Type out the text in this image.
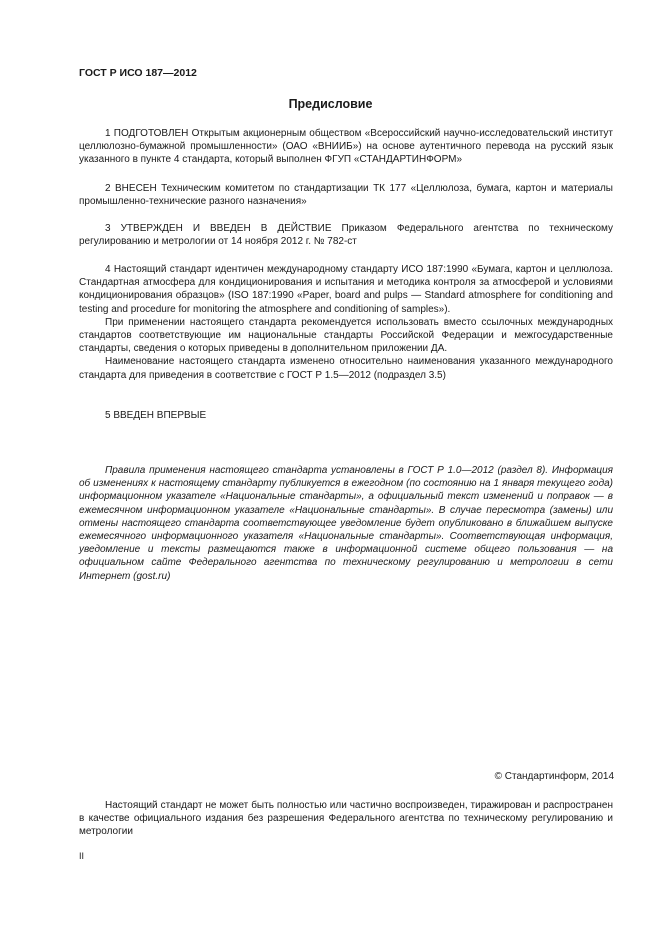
ГОСТ Р ИСО 187—2012
Предисловие

1 ПОДГОТОВЛЕН Открытым акционерным обществом «Всероссийский научно-исследовательский институт целлюлозно-бумажной промышленности» (ОАО «ВНИИБ») на основе аутентичного перевода на русский язык указанного в пункте 4 стандарта, который выполнен ФГУП «СТАНДАРТИНФОРМ»

2 ВНЕСЕН Техническим комитетом по стандартизации ТК 177 «Целлюлоза, бумага, картон и материалы промышленно-технические разного назначения»

3 УТВЕРЖДЕН И ВВЕДЕН В ДЕЙСТВИЕ Приказом Федерального агентства по техническому регулированию и метрологии от 14 ноября 2012 г. № 782-ст

4 Настоящий стандарт идентичен международному стандарту ИСО 187:1990 «Бумага, картон и целлюлоза. Стандартная атмосфера для кондиционирования и испытания и методика контроля за атмосферой и условиями кондиционирования образцов» (ISO 187:1990 «Paper, board and pulps — Standard atmosphere for conditioning and testing and procedure for monitoring the atmosphere and conditioning of samples»).

При применении настоящего стандарта рекомендуется использовать вместо ссылочных международных стандартов соответствующие им национальные стандарты Российской Федерации и межгосударственные стандарты, сведения о которых приведены в дополнительном приложении ДА.

Наименование настоящего стандарта изменено относительно наименования указанного международного стандарта для приведения в соответствие с ГОСТ Р 1.5—2012 (подраздел 3.5)

5 ВВЕДЕН ВПЕРВЫЕ

Правила применения настоящего стандарта установлены в ГОСТ Р 1.0—2012 (раздел 8). Информация об изменениях к настоящему стандарту публикуется в ежегодном (по состоянию на 1 января текущего года) информационном указателе «Национальные стандарты», а официальный текст изменений и поправок — в ежемесячном информационном указателе «Национальные стандарты». В случае пересмотра (замены) или отмены настоящего стандарта соответствующее уведомление будет опубликовано в ближайшем выпуске ежемесячного информационного указателя «Национальные стандарты». Соответствующая информация, уведомление и тексты размещаются также в информационной системе общего пользования — на официальном сайте Федерального агентства по техническому регулированию и метрологии в сети Интернет (gost.ru)

© Стандартинформ, 2014

Настоящий стандарт не может быть полностью или частично воспроизведен, тиражирован и распространен в качестве официального издания без разрешения Федерального агентства по техническому регулированию и метрологии

II
